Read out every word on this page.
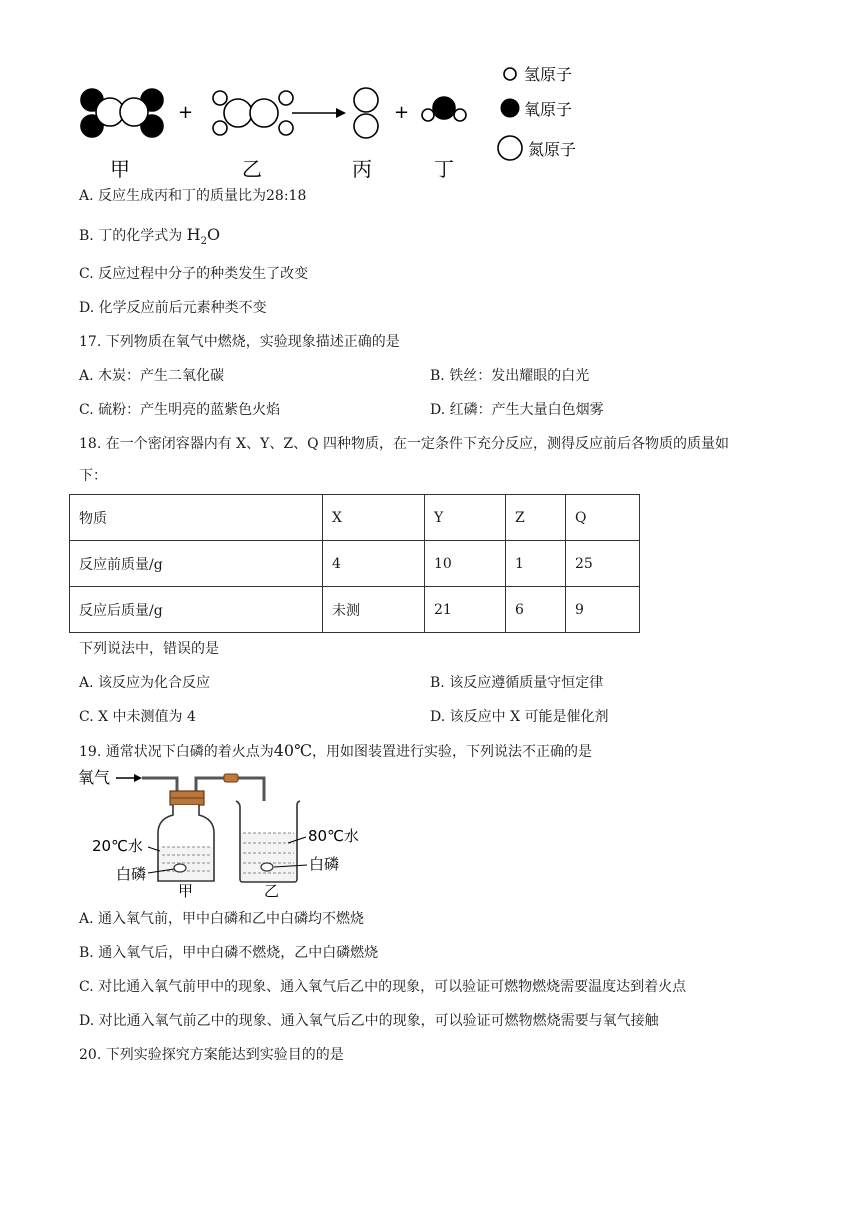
+	+
氢原子
氧原子
氮原子
甲	乙	丙	丁
A. 反应生成丙和丁的质量比为28:18
B. 丁的化学式为 $H_2O$
C. 反应过程中分子的种类发生了改变
D. 化学反应前后元素种类不变
17. 下列物质在氧气中燃烧，实验现象描述正确的是
A. 木炭：产生二氧化碳	B. 铁丝：发出耀眼的白光
C. 硫粉：产生明亮的蓝紫色火焰	D. 红磷：产生大量白色烟雾
18. 在一个密闭容器内有 X、Y、Z、Q 四种物质，在一定条件下充分反应，测得反应前后各物质的质量如
下：
物质	X	Y	Z	Q
反应前质量/g	4	10	1	25
反应后质量/g	未测	21	6	9
下列说法中，错误的是
A. 该反应为化合反应	B. 该反应遵循质量守恒定律
C. X 中未测值为 4	D. 该反应中 X 可能是催化剂
19. 通常状况下白磷的着火点为40℃，用如图装置进行实验，下列说法不正确的是
氧气
20℃水
白磷
80℃水
白磷
甲	乙
A. 通入氧气前，甲中白磷和乙中白磷均不燃烧
B. 通入氧气后，甲中白磷不燃烧，乙中白磷燃烧
C. 对比通入氧气前甲中的现象、通入氧气后乙中的现象，可以验证可燃物燃烧需要温度达到着火点
D. 对比通入氧气前乙中的现象、通入氧气后乙中的现象，可以验证可燃物燃烧需要与氧气接触
20. 下列实验探究方案能达到实验目的的是
